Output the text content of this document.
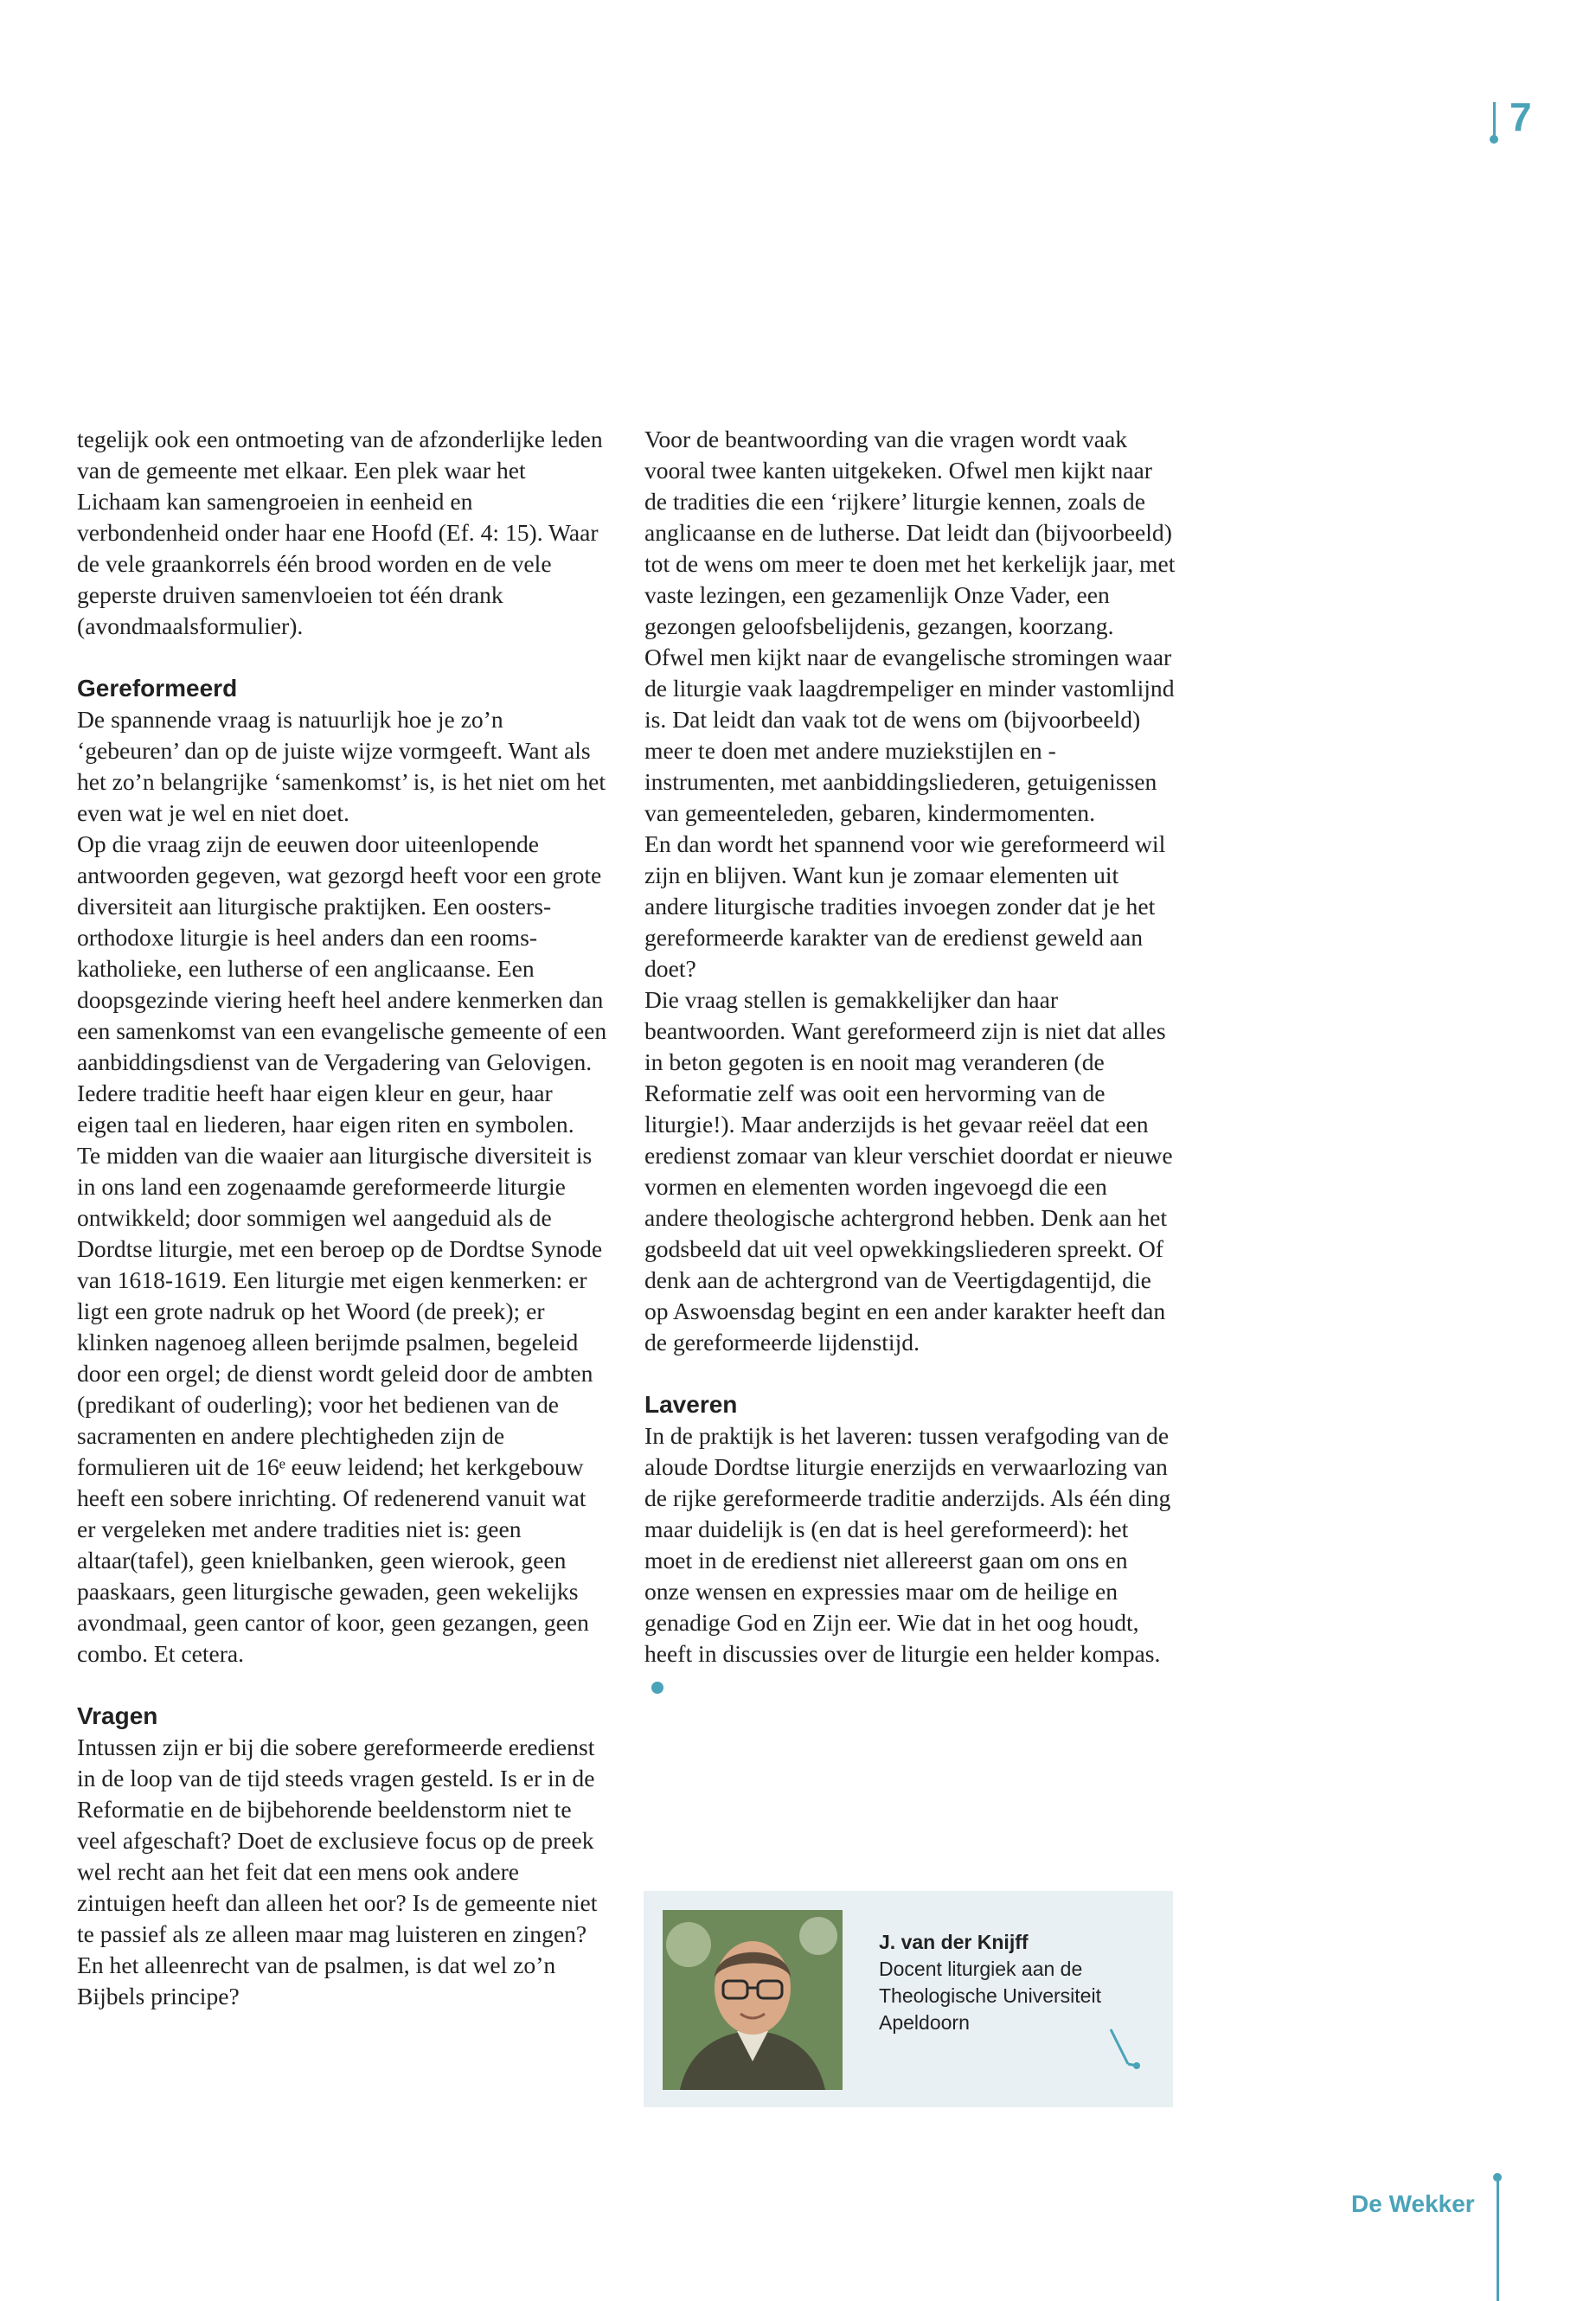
7

tegelijk ook een ontmoeting van de afzonderlijke leden van de gemeente met elkaar. Een plek waar het Lichaam kan samengroeien in eenheid en verbondenheid onder haar ene Hoofd (Ef. 4: 15). Waar de vele graankorrels één brood worden en de vele geperste druiven samenvloeien tot één drank (avondmaalsformulier).

Gereformeerd

De spannende vraag is natuurlijk hoe je zo’n ‘gebeuren’ dan op de juiste wijze vormgeeft. Want als het zo’n belangrijke ‘samenkomst’ is, is het niet om het even wat je wel en niet doet.

Op die vraag zijn de eeuwen door uiteenlopende antwoorden gegeven, wat gezorgd heeft voor een grote diversiteit aan liturgische praktijken. Een oosters-orthodoxe liturgie is heel anders dan een rooms-katholieke, een lutherse of een anglicaanse. Een doopsgezinde viering heeft heel andere kenmerken dan een samenkomst van een evangelische gemeente of een aanbiddingsdienst van de Vergadering van Gelovigen. Iedere traditie heeft haar eigen kleur en geur, haar eigen taal en liederen, haar eigen riten en symbolen.

Te midden van die waaier aan liturgische diversiteit is in ons land een zogenaamde gereformeerde liturgie ontwikkeld; door sommigen wel aangeduid als de Dordtse liturgie, met een beroep op de Dordtse Synode van 1618-1619. Een liturgie met eigen kenmerken: er ligt een grote nadruk op het Woord (de preek); er klinken nagenoeg alleen berijmde psalmen, begeleid door een orgel; de dienst wordt geleid door de ambten (predikant of ouderling); voor het bedienen van de sacramenten en andere plechtigheden zijn de formulieren uit de 16ᵉ eeuw leidend; het kerkgebouw heeft een sobere inrichting. Of redenerend vanuit wat er vergeleken met andere tradities niet is: geen altaar(tafel), geen knielbanken, geen wierook, geen paaskaars, geen liturgische gewaden, geen wekelijks avondmaal, geen cantor of koor, geen gezangen, geen combo. Et cetera.

Vragen

Intussen zijn er bij die sobere gereformeerde eredienst in de loop van de tijd steeds vragen gesteld. Is er in de Reformatie en de bijbehorende beeldenstorm niet te veel afgeschaft? Doet de exclusieve focus op de preek wel recht aan het feit dat een mens ook andere zintuigen heeft dan alleen het oor? Is de gemeente niet te passief als ze alleen maar mag luisteren en zingen? En het alleenrecht van de psalmen, is dat wel zo’n Bijbels principe?

Voor de beantwoording van die vragen wordt vaak vooral twee kanten uitgekeken. Ofwel men kijkt naar de tradities die een ‘rijkere’ liturgie kennen, zoals de anglicaanse en de lutherse. Dat leidt dan (bijvoorbeeld) tot de wens om meer te doen met het kerkelijk jaar, met vaste lezingen, een gezamenlijk Onze Vader, een gezongen geloofsbelijdenis, gezangen, koorzang. Ofwel men kijkt naar de evangelische stromingen waar de liturgie vaak laagdrempeliger en minder vastomlijnd is. Dat leidt dan vaak tot de wens om (bijvoorbeeld) meer te doen met andere muziekstijlen en -instrumenten, met aanbiddingsliederen, getuigenissen van gemeenteleden, gebaren, kindermomenten.

En dan wordt het spannend voor wie gereformeerd wil zijn en blijven. Want kun je zomaar elementen uit andere liturgische tradities invoegen zonder dat je het gereformeerde karakter van de eredienst geweld aan doet?

Die vraag stellen is gemakkelijker dan haar beantwoorden. Want gereformeerd zijn is niet dat alles in beton gegoten is en nooit mag veranderen (de Reformatie zelf was ooit een hervorming van de liturgie!). Maar anderzijds is het gevaar reëel dat een eredienst zomaar van kleur verschiet doordat er nieuwe vormen en elementen worden ingevoegd die een andere theologische achtergrond hebben. Denk aan het godsbeeld dat uit veel opwekkingsliederen spreekt. Of denk aan de achtergrond van de Veertigdagentijd, die op Aswoensdag begint en een ander karakter heeft dan de gereformeerde lijdenstijd.

Laveren

In de praktijk is het laveren: tussen verafgoding van de aloude Dordtse liturgie enerzijds en verwaarlozing van de rijke gereformeerde traditie anderzijds. Als één ding maar duidelijk is (en dat is heel gereformeerd): het moet in de eredienst niet allereerst gaan om ons en onze wensen en expressies maar om de heilige en genadige God en Zijn eer. Wie dat in het oog houdt, heeft in discussies over de liturgie een helder kompas.

J. van der Knijff

Docent liturgiek aan de
Theologische Universiteit
Apeldoorn
De Wekker
